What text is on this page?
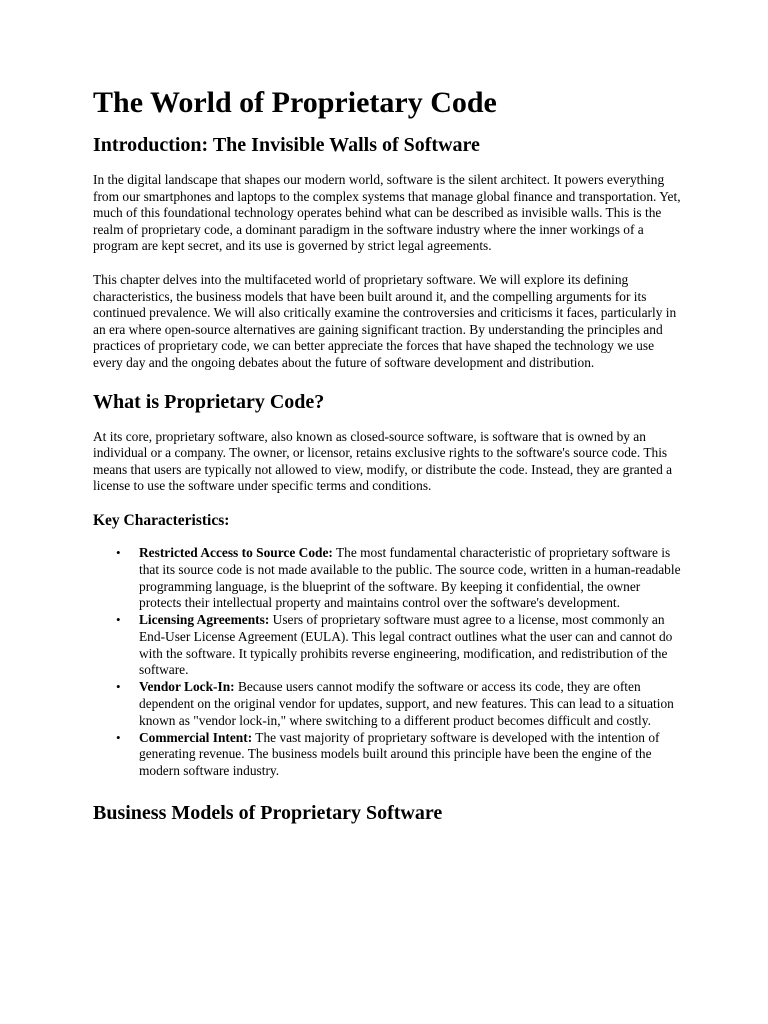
The World of Proprietary Code
Introduction: The Invisible Walls of Software

In the digital landscape that shapes our modern world, software is the silent architect. It powers everything from our smartphones and laptops to the complex systems that manage global finance and transportation. Yet, much of this foundational technology operates behind what can be described as invisible walls. This is the realm of proprietary code, a dominant paradigm in the software industry where the inner workings of a program are kept secret, and its use is governed by strict legal agreements.

This chapter delves into the multifaceted world of proprietary software. We will explore its defining characteristics, the business models that have been built around it, and the compelling arguments for its continued prevalence. We will also critically examine the controversies and criticisms it faces, particularly in an era where open-source alternatives are gaining significant traction. By understanding the principles and practices of proprietary code, we can better appreciate the forces that have shaped the technology we use every day and the ongoing debates about the future of software development and distribution.

What is Proprietary Code?

At its core, proprietary software, also known as closed-source software, is software that is owned by an individual or a company. The owner, or licensor, retains exclusive rights to the software's source code. This means that users are typically not allowed to view, modify, or distribute the code. Instead, they are granted a license to use the software under specific terms and conditions.

Key Characteristics:
• Restricted Access to Source Code: The most fundamental characteristic of proprietary software is that its source code is not made available to the public. The source code, written in a human-readable programming language, is the blueprint of the software. By keeping it confidential, the owner protects their intellectual property and maintains control over the software's development.
• Licensing Agreements: Users of proprietary software must agree to a license, most commonly an End-User License Agreement (EULA). This legal contract outlines what the user can and cannot do with the software. It typically prohibits reverse engineering, modification, and redistribution of the software.
• Vendor Lock-In: Because users cannot modify the software or access its code, they are often dependent on the original vendor for updates, support, and new features. This can lead to a situation known as "vendor lock-in," where switching to a different product becomes difficult and costly.
• Commercial Intent: The vast majority of proprietary software is developed with the intention of generating revenue. The business models built around this principle have been the engine of the modern software industry.
Business Models of Proprietary Software
